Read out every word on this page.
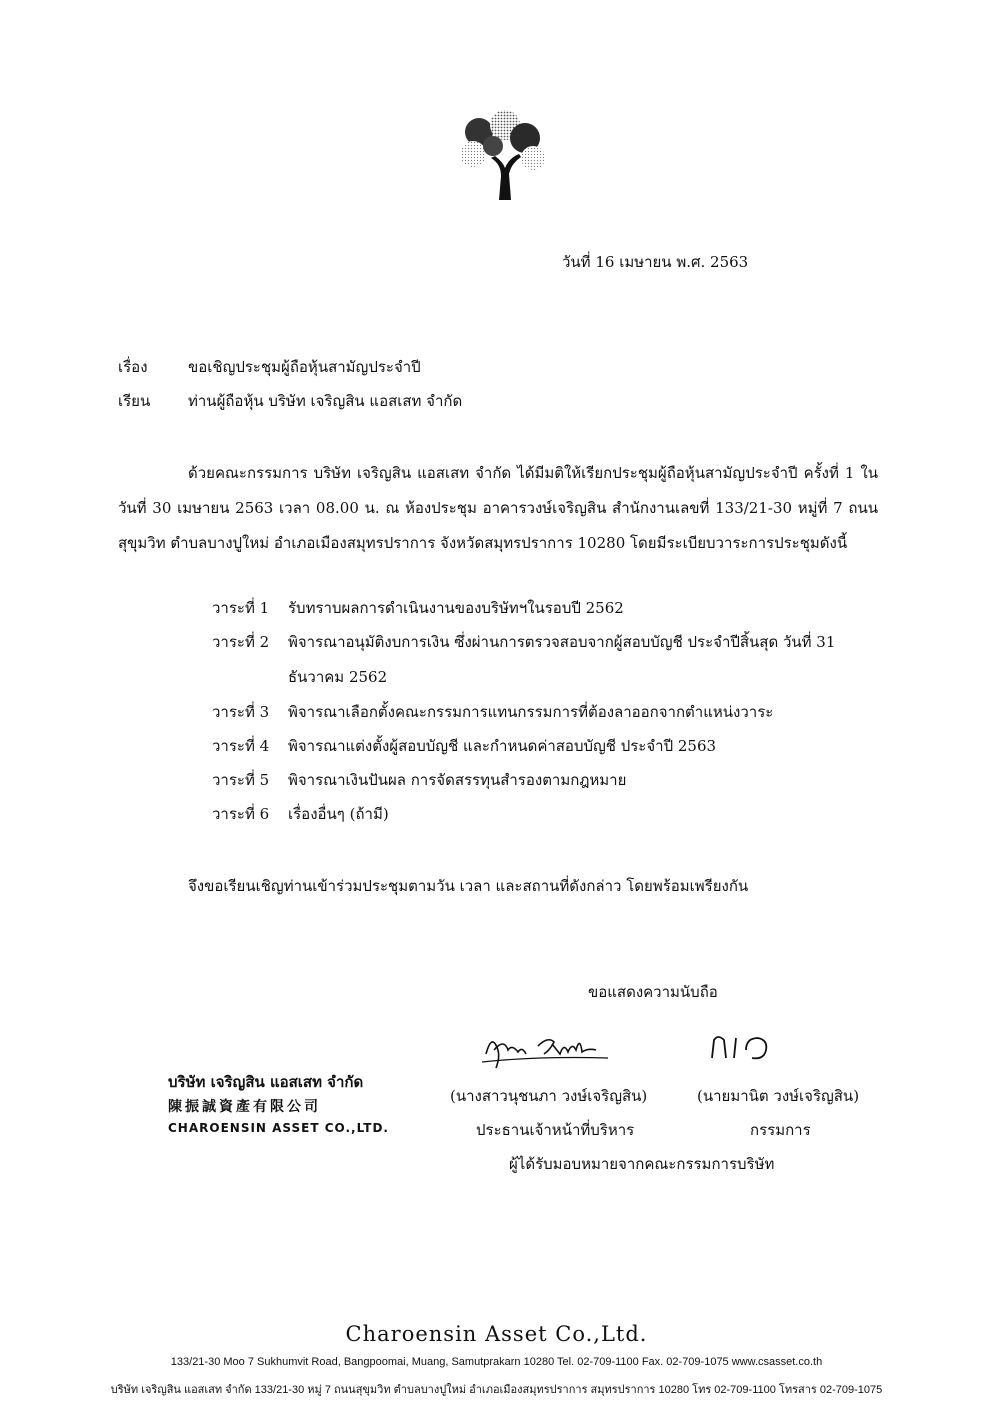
วันที่ 16 เมษายน พ.ศ. 2563
เรื่อง	ขอเชิญประชุมผู้ถือหุ้นสามัญประจำปี
เรียน	ท่านผู้ถือหุ้น บริษัท เจริญสิน แอสเสท จำกัด
ด้วยคณะกรรมการ บริษัท เจริญสิน แอสเสท จำกัด ได้มีมติให้เรียกประชุมผู้ถือหุ้นสามัญประจำปี ครั้งที่ 1 ในวันที่ 30 เมษายน 2563 เวลา 08.00 น. ณ ห้องประชุม อาคารวงษ์เจริญสิน สำนักงานเลขที่ 133/21-30 หมู่ที่ 7 ถนนสุขุมวิท ตำบลบางปูใหม่ อำเภอเมืองสมุทรปราการ จังหวัดสมุทรปราการ 10280 โดยมีระเบียบวาระการประชุมดังนี้
วาระที่ 1	รับทราบผลการดำเนินงานของบริษัทฯในรอบปี 2562
วาระที่ 2	พิจารณาอนุมัติงบการเงิน ซึ่งผ่านการตรวจสอบจากผู้สอบบัญชี ประจำปีสิ้นสุด วันที่ 31 ธันวาคม 2562
วาระที่ 3	พิจารณาเลือกตั้งคณะกรรมการแทนกรรมการที่ต้องลาออกจากตำแหน่งวาระ
วาระที่ 4	พิจารณาแต่งตั้งผู้สอบบัญชี และกำหนดค่าสอบบัญชี ประจำปี 2563
วาระที่ 5	พิจารณาเงินปันผล การจัดสรรทุนสำรองตามกฎหมาย
วาระที่ 6	เรื่องอื่นๆ (ถ้ามี)
จึงขอเรียนเชิญท่านเข้าร่วมประชุมตามวัน เวลา และสถานที่ดังกล่าว โดยพร้อมเพรียงกัน
ขอแสดงความนับถือ
บริษัท เจริญสิน แอสเสท จำกัด
陳振誠資產有限公司
CHAROENSIN ASSET CO.,LTD.
(นางสาวนุชนภา วงษ์เจริญสิน)	(นายมานิต วงษ์เจริญสิน)
ประธานเจ้าหน้าที่บริหาร	กรรมการ
ผู้ได้รับมอบหมายจากคณะกรรมการบริษัท
Charoensin Asset Co.,Ltd.
133/21-30 Moo 7 Sukhumvit Road, Bangpoomai, Muang, Samutprakarn 10280 Tel. 02-709-1100 Fax. 02-709-1075 www.csasset.co.th
บริษัท เจริญสิน แอสเสท จำกัด 133/21-30 หมู่ 7 ถนนสุขุมวิท ตำบลบางปูใหม่ อำเภอเมืองสมุทรปราการ สมุทรปราการ 10280 โทร 02-709-1100 โทรสาร 02-709-1075
